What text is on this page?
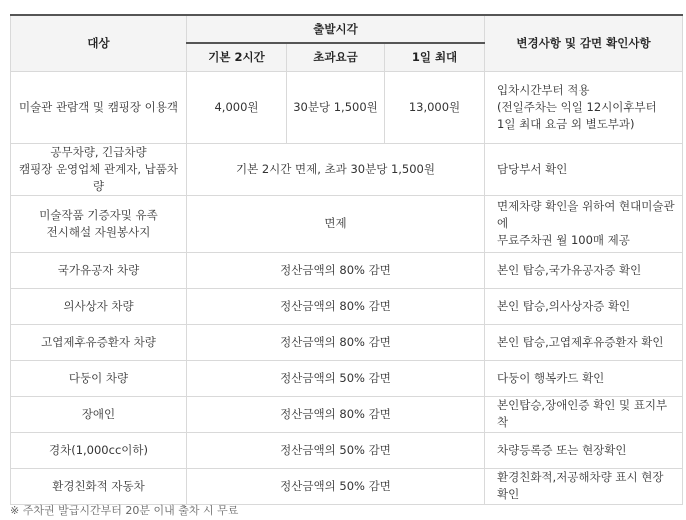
대상	출발시각			변경사항 및 감면 확인사항
	기본 2시간	초과요금	1일 최대	
미술관 관람객 및 캠핑장 이용객	4,000원	30분당 1,500원	13,000원	입차시간부터 적용
(전일주차는 익일 12시이후부터
1일 최대 요금 외 별도부과)
공무차량, 긴급차량
캠핑장 운영업체 관계자, 납품차량	기본 2시간 면제, 초과 30분당 1,500원			담당부서 확인
미술작품 기증자및 유족
전시해설 자원봉사지	면제			면제차량 확인을 위하여 현대미술관에
무료주차권 월 100매 제공
국가유공자 차량	정산금액의 80% 감면			본인 탑승,국가유공자증 확인
의사상자 차량	정산금액의 80% 감면			본인 탑승,의사상자증 확인
고엽제후유증환자 차량	정산금액의 80% 감면			본인 탑승,고엽제후유증환자 확인
다둥이 차량	정산금액의 50% 감면			다둥이 행복카드 확인
장애인	정산금액의 80% 감면			본인탑승,장애인증 확인 및 표지부착
경차(1,000cc이하)	정산금액의 50% 감면			차량등록증 또는 현장확인
환경친화적 자동차	정산금액의 50% 감면			환경친화적,저공해차량 표시 현장 확인
※ 주차권 발급시간부터 20분 이내 출차 시 무료
